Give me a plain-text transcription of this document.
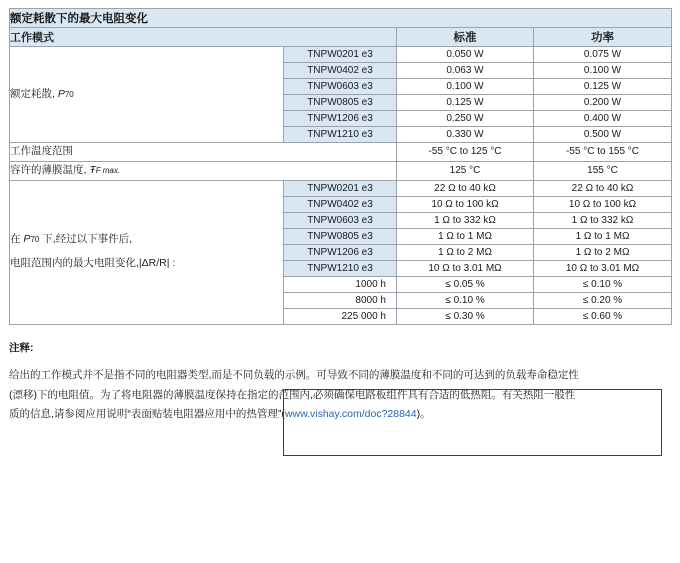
额定耗散下的最大电阻变化			
工作模式		标准	功率
额定耗散, P70	TNPW0201 e3	0.050 W	0.075 W
	TNPW0402 e3	0.063 W	0.100 W
	TNPW0603 e3	0.100 W	0.125 W
	TNPW0805 e3	0.125 W	0.200 W
	TNPW1206 e3	0.250 W	0.400 W
	TNPW1210 e3	0.330 W	0.500 W
工作温度范围		-55 °C to 125 °C	-55 °C to 155 °C
容许的薄膜温度, ŦF max.		125 °C	155 °C

在 P70 下,经过以下事件后,
电阻范围内的最大电阻变化,|ΔR/R| :	TNPW0201 e3	22 Ω to 40 kΩ	22 Ω to 40 kΩ
	TNPW0402 e3	10 Ω to 100 kΩ	10 Ω to 100 kΩ
	TNPW0603 e3	1 Ω to 332 kΩ	1 Ω to 332 kΩ
	TNPW0805 e3	1 Ω to 1 MΩ	1 Ω to 1 MΩ
	TNPW1206 e3	1 Ω to 2 MΩ	1 Ω to 2 MΩ
	TNPW1210 e3	10 Ω to 3.01 MΩ	10 Ω to 3.01 MΩ
	1000 h	≤ 0.05 %	≤ 0.10 %
	8000 h	≤ 0.10 %	≤ 0.20 %
	225 000 h	≤ 0.30 %	≤ 0.60 %
注释:

给出的工作模式并不是指不同的电阻器类型,而是不同负载的示例。可导致不同的薄膜温度和不同的可达到的负载寿命稳定性

(漂移)下的电阻值。为了将电阻器的薄膜温度保持在指定的范围内,必须确保电路板组件具有合适的低热阻。有关热阻一般性

质的信息,请参阅应用说明“表面贴装电阻器应用中的热管理”(www.vishay.com/doc?28844)。
